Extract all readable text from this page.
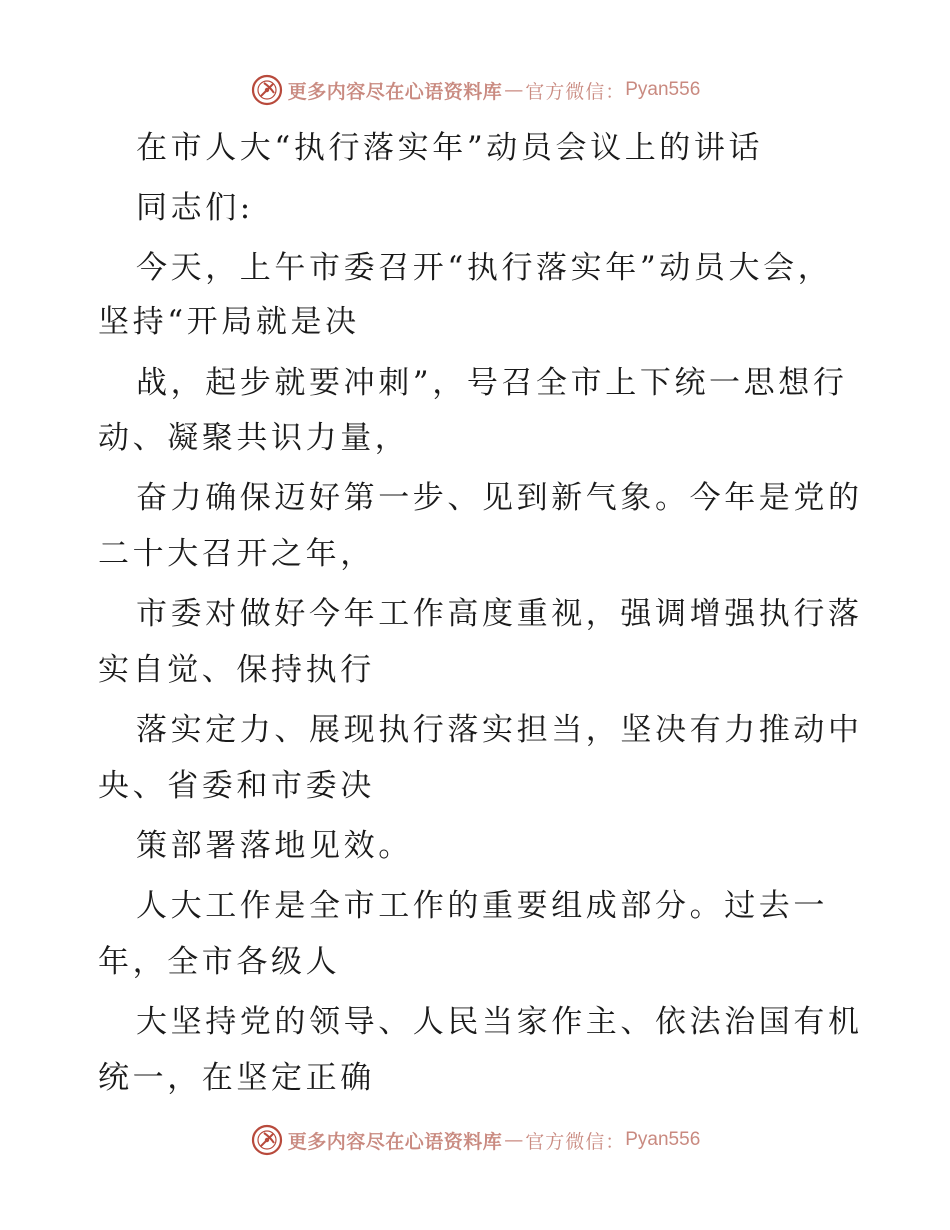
更多内容尽在心语资料库 — 官方微信： Pyan556
在市人大“执行落实年”动员会议上的讲话
同志们:
今天，上午市委召开“执行落实年”动员大会，
坚持“开局就是决
战，起步就要冲刺”，号召全市上下统一思想行
动、凝聚共识力量，
奋力确保迈好第一步、见到新气象。今年是党的
二十大召开之年，
市委对做好今年工作高度重视，强调增强执行落
实自觉、保持执行
落实定力、展现执行落实担当，坚决有力推动中
央、省委和市委决
策部署落地见效。
人大工作是全市工作的重要组成部分。过去一
年，全市各级人
大坚持党的领导、人民当家作主、依法治国有机
统一，在坚定正确
更多内容尽在心语资料库 — 官方微信： Pyan556
